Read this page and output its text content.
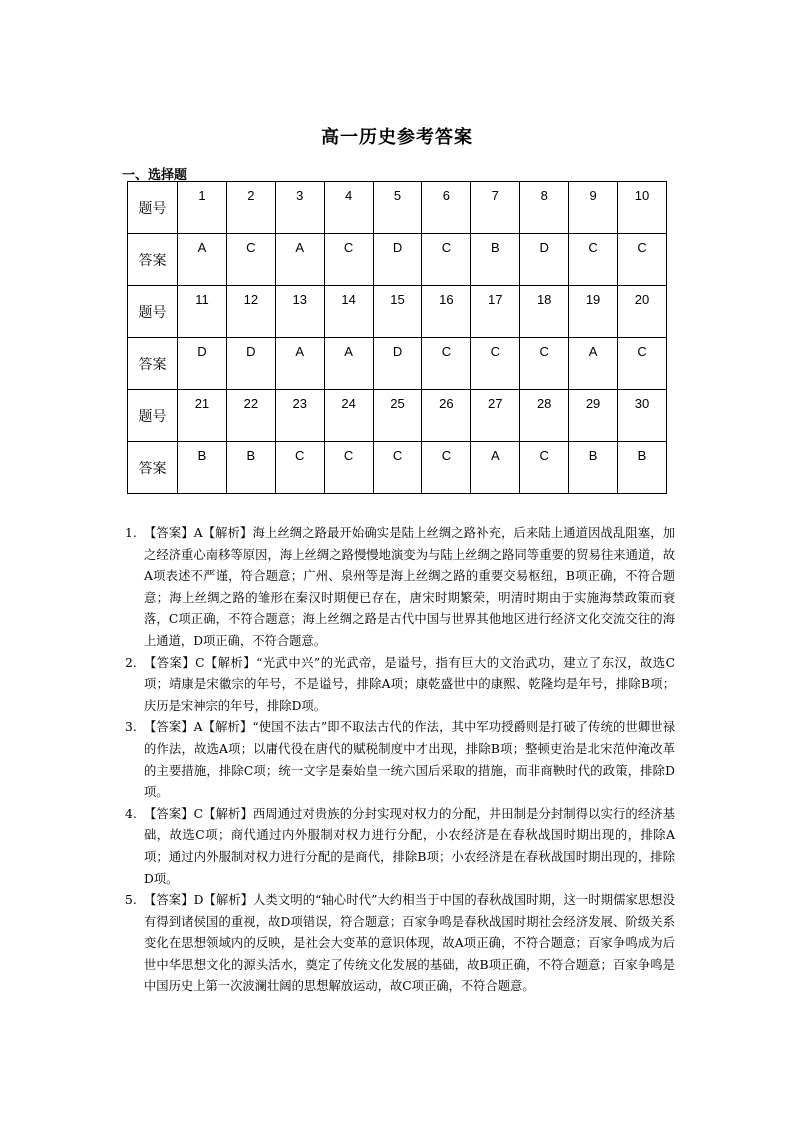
高一历史参考答案
一、选择题
题号	1	2	3	4	5	6	7	8	9	10

答案	A	C	A	C	D	C	B	D	C	C

题号	11	12	13	14	15	16	17	18	19	20

答案	D	D	A	A	D	C	C	C	A	C

题号	21	22	23	24	25	26	27	28	29	30

答案	B	B	C	C	C	C	A	C	B	B
1. 【答案】A【解析】海上丝绸之路最开始确实是陆上丝绸之路补充，后来陆上通道因战乱阻塞，加之经济重心南移等原因，海上丝绸之路慢慢地演变为与陆上丝绸之路同等重要的贸易往来通道，故A项表述不严谨，符合题意；广州、泉州等是海上丝绸之路的重要交易枢纽，B项正确，不符合题意；海上丝绸之路的雏形在秦汉时期便已存在，唐宋时期繁荣，明清时期由于实施海禁政策而衰落，C项正确，不符合题意；海上丝绸之路是古代中国与世界其他地区进行经济文化交流交往的海上通道，D项正确，不符合题意。
2. 【答案】C【解析】“光武中兴”的光武帝，是谥号，指有巨大的文治武功，建立了东汉，故选C项；靖康是宋徽宗的年号，不是谥号，排除A项；康乾盛世中的康熙、乾隆均是年号，排除B项；庆历是宋神宗的年号，排除D项。
3. 【答案】A【解析】“使国不法古”即不取法古代的作法，其中军功授爵则是打破了传统的世卿世禄的作法，故选A项；以庸代役在唐代的赋税制度中才出现，排除B项；整顿吏治是北宋范仲淹改革的主要措施，排除C项；统一文字是秦始皇一统六国后采取的措施，而非商鞅时代的政策，排除D项。
4. 【答案】C【解析】西周通过对贵族的分封实现对权力的分配，井田制是分封制得以实行的经济基础，故选C项；商代通过内外服制对权力进行分配，小农经济是在春秋战国时期出现的，排除A项；通过内外服制对权力进行分配的是商代，排除B项；小农经济是在春秋战国时期出现的，排除D项。
5. 【答案】D【解析】人类文明的“轴心时代”大约相当于中国的春秋战国时期，这一时期儒家思想没有得到诸侯国的重视，故D项错误，符合题意；百家争鸣是春秋战国时期社会经济发展、阶级关系变化在思想领域内的反映，是社会大变革的意识体现，故A项正确，不符合题意；百家争鸣成为后世中华思想文化的源头活水，奠定了传统文化发展的基础，故B项正确，不符合题意；百家争鸣是中国历史上第一次波澜壮阔的思想解放运动，故C项正确，不符合题意。
